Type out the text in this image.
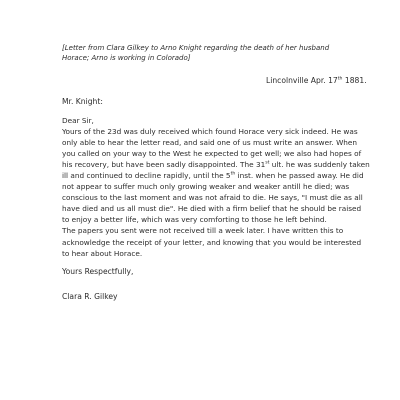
[Letter from Clara Gilkey to Arno Knight regarding the death of her husband
Horace; Arno is working in Colorado]
Lincolnville Apr. 17th 1881.
Mr. Knight:

Dear Sir,
Yours of the 23d was duly received which found Horace very sick indeed. He was
only able to hear the letter read, and said one of us must write an answer. When
you called on your way to the West he expected to get well; we also had hopes of
his recovery, but have been sadly disappointed. The 31st ult. he was suddenly taken
ill and continued to decline rapidly, until the 5th inst. when he passed away. He did
not appear to suffer much only growing weaker and weaker antill he died; was
conscious to the last moment and was not afraid to die. He says, "I must die as all
have died and us all must die". He died with a firm belief that he should be raised
to enjoy a better life, which was very comforting to those he left behind.
The papers you sent were not received till a week later. I have written this to
acknowledge the receipt of your letter, and knowing that you would be interested
to hear about Horace.

Yours Respectfully,
Clara R. Gilkey
